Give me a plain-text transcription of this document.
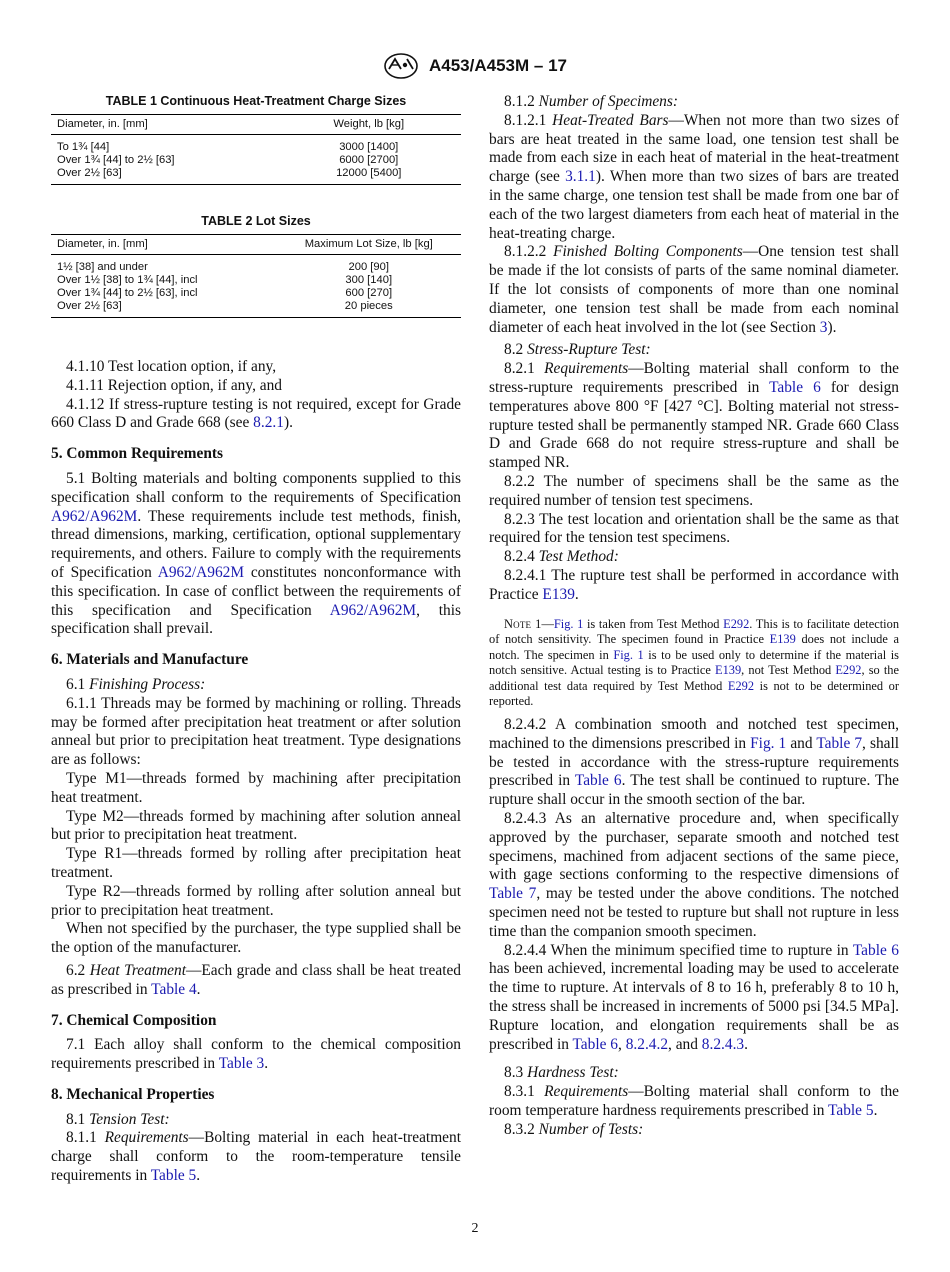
A453/A453M – 17
TABLE 1 Continuous Heat-Treatment Charge Sizes
Diameter, in. [mm]	Weight, lb [kg]
To 1¾ [44]	3000 [1400]
Over 1¾ [44] to 2½ [63]	6000 [2700]
Over 2½ [63]	12000 [5400]
TABLE 2 Lot Sizes
Diameter, in. [mm]	Maximum Lot Size, lb [kg]
1½ [38] and under	200 [90]
Over 1½ [38] to 1¾ [44], incl	300 [140]
Over 1¾ [44] to 2½ [63], incl	600 [270]
Over 2½ [63]	20 pieces

4.1.10 Test location option, if any,

4.1.11 Rejection option, if any, and

4.1.12 If stress-rupture testing is not required, except for Grade 660 Class D and Grade 668 (see 8.2.1).

5. Common Requirements

5.1 Bolting materials and bolting components supplied to this specification shall conform to the requirements of Specification A962/A962M. These requirements include test methods, finish, thread dimensions, marking, certification, optional supplementary requirements, and others. Failure to comply with the requirements of Specification A962/A962M constitutes nonconformance with this specification. In case of conflict between the requirements of this specification and Specification A962/A962M, this specification shall prevail.

6. Materials and Manufacture

6.1 Finishing Process:

6.1.1 Threads may be formed by machining or rolling. Threads may be formed after precipitation heat treatment or after solution anneal but prior to precipitation heat treatment. Type designations are as follows:

Type M1—threads formed by machining after precipitation heat treatment.

Type M2—threads formed by machining after solution anneal but prior to precipitation heat treatment.

Type R1—threads formed by rolling after precipitation heat treatment.

Type R2—threads formed by rolling after solution anneal but prior to precipitation heat treatment.

When not specified by the purchaser, the type supplied shall be the option of the manufacturer.

6.2 Heat Treatment—Each grade and class shall be heat treated as prescribed in Table 4.

7. Chemical Composition

7.1 Each alloy shall conform to the chemical composition requirements prescribed in Table 3.

8. Mechanical Properties

8.1 Tension Test:

8.1.1 Requirements—Bolting material in each heat-treatment charge shall conform to the room-temperature tensile requirements in Table 5.

8.1.2 Number of Specimens:

8.1.2.1 Heat-Treated Bars—When not more than two sizes of bars are heat treated in the same load, one tension test shall be made from each size in each heat of material in the heat-treatment charge (see 3.1.1). When more than two sizes of bars are treated in the same charge, one tension test shall be made from one bar of each of the two largest diameters from each heat of material in the heat-treating charge.

8.1.2.2 Finished Bolting Components—One tension test shall be made if the lot consists of parts of the same nominal diameter. If the lot consists of components of more than one nominal diameter, one tension test shall be made from each nominal diameter of each heat involved in the lot (see Section 3).

8.2 Stress-Rupture Test:

8.2.1 Requirements—Bolting material shall conform to the stress-rupture requirements prescribed in Table 6 for design temperatures above 800 °F [427 °C]. Bolting material not stress-rupture tested shall be permanently stamped NR. Grade 660 Class D and Grade 668 do not require stress-rupture and shall be stamped NR.

8.2.2 The number of specimens shall be the same as the required number of tension test specimens.

8.2.3 The test location and orientation shall be the same as that required for the tension test specimens.

8.2.4 Test Method:

8.2.4.1 The rupture test shall be performed in accordance with Practice E139.

Note 1—Fig. 1 is taken from Test Method E292. This is to facilitate detection of notch sensitivity. The specimen found in Practice E139 does not include a notch. The specimen in Fig. 1 is to be used only to determine if the material is notch sensitive. Actual testing is to Practice E139, not Test Method E292, so the additional test data required by Test Method E292 is not to be determined or reported.

8.2.4.2 A combination smooth and notched test specimen, machined to the dimensions prescribed in Fig. 1 and Table 7, shall be tested in accordance with the stress-rupture requirements prescribed in Table 6. The test shall be continued to rupture. The rupture shall occur in the smooth section of the bar.

8.2.4.3 As an alternative procedure and, when specifically approved by the purchaser, separate smooth and notched test specimens, machined from adjacent sections of the same piece, with gage sections conforming to the respective dimensions of Table 7, may be tested under the above conditions. The notched specimen need not be tested to rupture but shall not rupture in less time than the companion smooth specimen.

8.2.4.4 When the minimum specified time to rupture in Table 6 has been achieved, incremental loading may be used to accelerate the time to rupture. At intervals of 8 to 16 h, preferably 8 to 10 h, the stress shall be increased in increments of 5000 psi [34.5 MPa]. Rupture location, and elongation requirements shall be as prescribed in Table 6, 8.2.4.2, and 8.2.4.3.

8.3 Hardness Test:

8.3.1 Requirements—Bolting material shall conform to the room temperature hardness requirements prescribed in Table 5.

8.3.2 Number of Tests:

2
